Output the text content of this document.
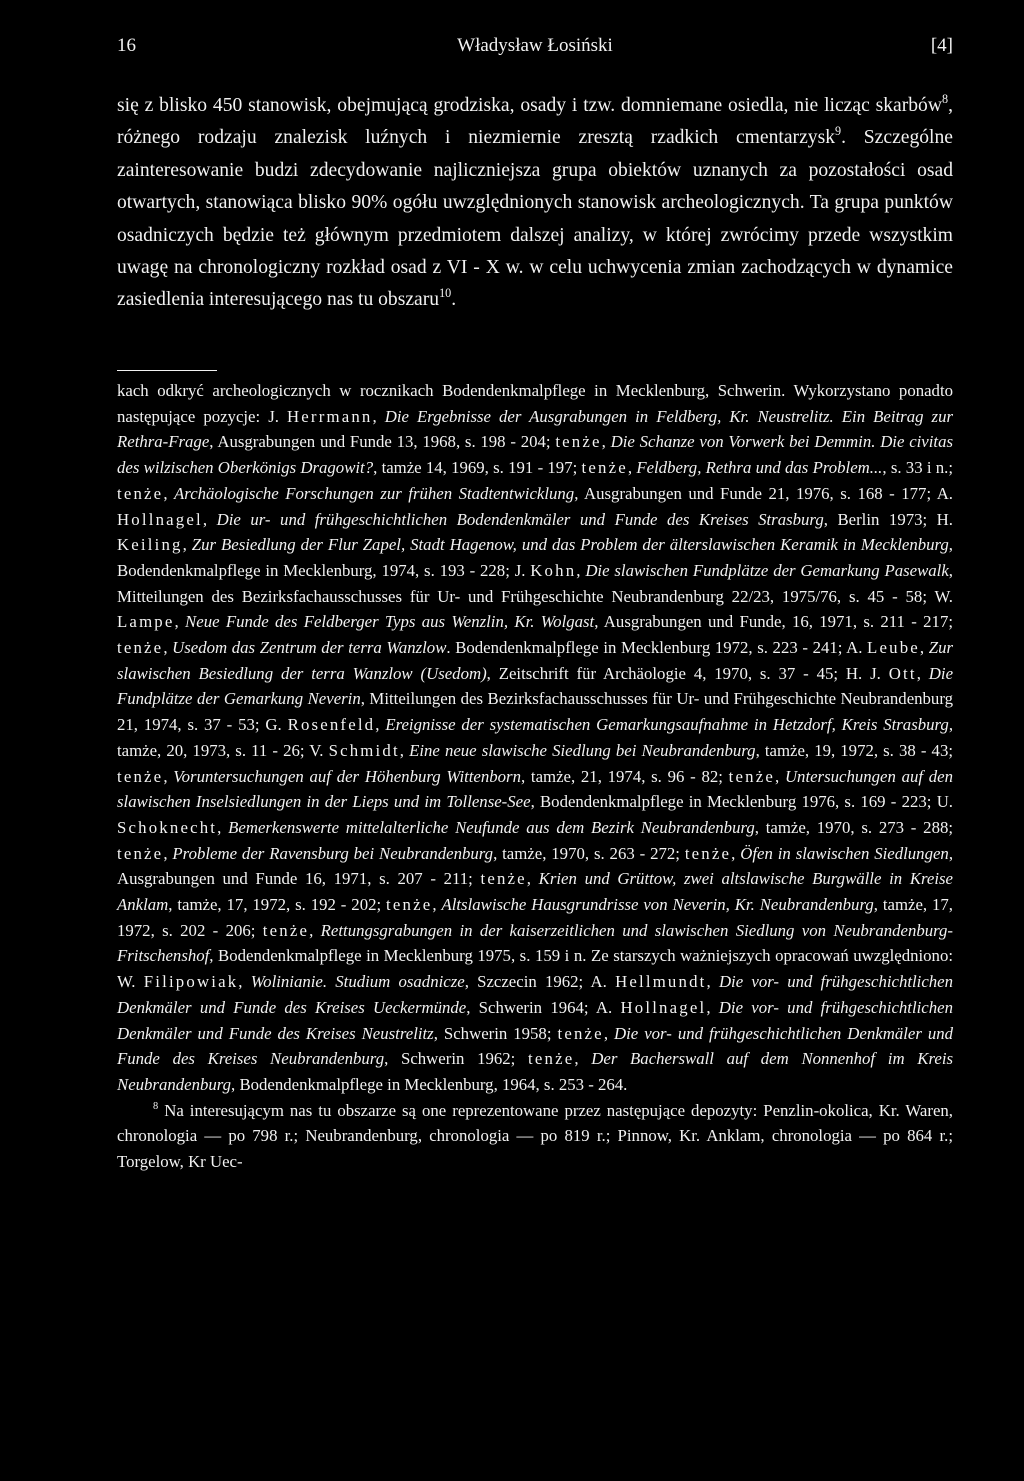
16	Władysław Łosiński	[4]

się z blisko 450 stanowisk, obejmującą grodziska, osady i tzw. domniemane osiedla, nie licząc skarbów$^8$, różnego rodzaju znalezisk luźnych i niezmiernie zresztą rzadkich cmentarzysk$^9$. Szczególne zainteresowanie budzi zdecydowanie najliczniejsza grupa obiektów uznanych za pozostałości osad otwartych, stanowiąca blisko 90% ogółu uwzględnionych stanowisk archeologicznych. Ta grupa punktów osadniczych będzie też głównym przedmiotem dalszej analizy, w której zwrócimy przede wszystkim uwagę na chronologiczny rozkład osad z VI - X w. w celu uchwycenia zmian zachodzących w dynamice zasiedlenia interesującego nas tu obszaru$^{10}$.

kach odkryć archeologicznych w rocznikach Bodendenkmalpflege in Mecklenburg, Schwerin. Wykorzystano ponadto następujące pozycje: J. Herrmann, Die Ergebnisse der Ausgrabungen in Feldberg, Kr. Neustrelitz. Ein Beitrag zur Rethra-Frage, Ausgrabungen und Funde 13, 1968, s. 198 - 204; tenże, Die Schanze von Vorwerk bei Demmin. Die civitas des wilzischen Oberkönigs Dragowit?, tamże 14, 1969, s. 191 - 197; tenże, Feldberg, Rethra und das Problem..., s. 33 i n.; tenże, Archäologische Forschungen zur frühen Stadtentwicklung, Ausgrabungen und Funde 21, 1976, s. 168 - 177; A. Hollnagel, Die ur- und frühgeschichtlichen Bodendenkmäler und Funde des Kreises Strasburg, Berlin 1973; H. Keiling, Zur Besiedlung der Flur Zapel, Stadt Hagenow, und das Problem der älterslawischen Keramik in Mecklenburg, Bodendenkmalpflege in Mecklenburg, 1974, s. 193 - 228; J. Kohn, Die slawischen Fundplätze der Gemarkung Pasewalk, Mitteilungen des Bezirksfachausschusses für Ur- und Frühgeschichte Neubrandenburg 22/23, 1975/76, s. 45 - 58; W. Lampe, Neue Funde des Feldberger Typs aus Wenzlin, Kr. Wolgast, Ausgrabungen und Funde, 16, 1971, s. 211 - 217; tenże, Usedom das Zentrum der terra Wanzlow. Bodendenkmalpflege in Mecklenburg 1972, s. 223 - 241; A. Leube, Zur slawischen Besiedlung der terra Wanzlow (Usedom), Zeitschrift für Archäologie 4, 1970, s. 37 - 45; H. J. Ott, Die Fundplätze der Gemarkung Neverin, Mitteilungen des Bezirksfachausschusses für Ur- und Frühgeschichte Neubrandenburg 21, 1974, s. 37 - 53; G. Rosenfeld, Ereignisse der systematischen Gemarkungsaufnahme in Hetzdorf, Kreis Strasburg, tamże, 20, 1973, s. 11 - 26; V. Schmidt, Eine neue slawische Siedlung bei Neubrandenburg, tamże, 19, 1972, s. 38 - 43; tenże, Voruntersuchungen auf der Höhenburg Wittenborn, tamże, 21, 1974, s. 96 - 82; tenże, Untersuchungen auf den slawischen Inselsiedlungen in der Lieps und im Tollense-See, Bodendenkmalpflege in Mecklenburg 1976, s. 169 - 223; U. Schoknecht, Bemerkenswerte mittelalterliche Neufunde aus dem Bezirk Neubrandenburg, tamże, 1970, s. 273 - 288; tenże, Probleme der Ravensburg bei Neubrandenburg, tamże, 1970, s. 263 - 272; tenże, Öfen in slawischen Siedlungen, Ausgrabungen und Funde 16, 1971, s. 207 - 211; tenże, Krien und Grüttow, zwei altslawische Burgwälle in Kreise Anklam, tamże, 17, 1972, s. 192 - 202; tenże, Altslawische Hausgrundrisse von Neverin, Kr. Neubrandenburg, tamże, 17, 1972, s. 202 - 206; tenże, Rettungsgrabungen in der kaiserzeitlichen und slawischen Siedlung von Neubrandenburg-Fritschenshof, Bodendenkmalpflege in Mecklenburg 1975, s. 159 i n. Ze starszych ważniejszych opracowań uwzględniono: W. Filipowiak, Wolinianie. Studium osadnicze, Szczecin 1962; A. Hellmundt, Die vor- und frühgeschichtlichen Denkmäler und Funde des Kreises Ueckermünde, Schwerin 1964; A. Hollnagel, Die vor- und frühgeschichtlichen Denkmäler und Funde des Kreises Neustrelitz, Schwerin 1958; tenże, Die vor- und frühgeschichtlichen Denkmäler und Funde des Kreises Neubrandenburg, Schwerin 1962; tenże, Der Bacherswall auf dem Nonnenhof im Kreis Neubrandenburg, Bodendenkmalpflege in Mecklenburg, 1964, s. 253 - 264.

$^8$ Na interesującym nas tu obszarze są one reprezentowane przez następujące depozyty: Penzlin-okolica, Kr. Waren, chronologia — po 798 r.; Neubrandenburg, chronologia — po 819 r.; Pinnow, Kr. Anklam, chronologia — po 864 r.; Torgelow, Kr Uec-
